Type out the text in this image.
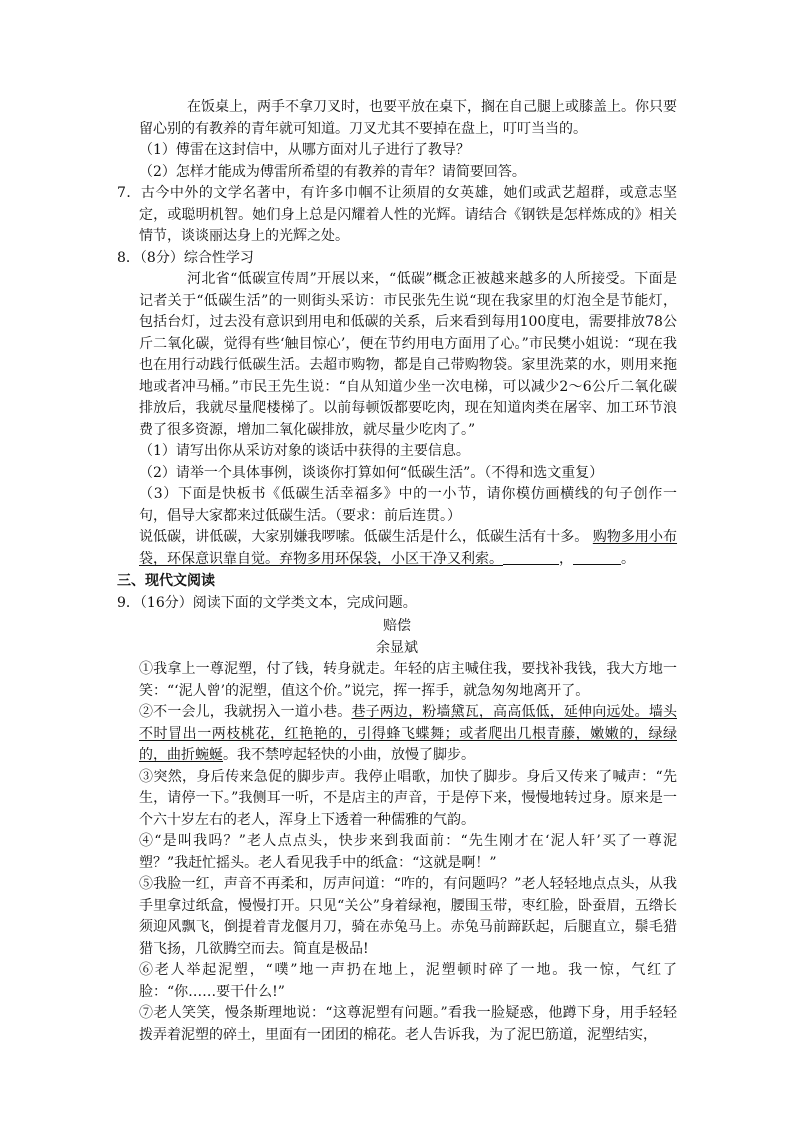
在饭桌上，两手不拿刀叉时，也要平放在桌下，搁在自己腿上或膝盖上。你只要留心别的有教养的青年就可知道。刀叉尤其不要掉在盘上，叮叮当当的。

（1）傅雷在这封信中，从哪方面对儿子进行了教导？

（2）怎样才能成为傅雷所希望的有教养的青年？请简要回答。

7．古今中外的文学名著中，有许多巾帼不让须眉的女英雄，她们或武艺超群，或意志坚定，或聪明机智。她们身上总是闪耀着人性的光辉。请结合《钢铁是怎样炼成的》相关情节，谈谈丽达身上的光辉之处。

8．（8分）综合性学习

河北省“低碳宣传周”开展以来，“低碳”概念正被越来越多的人所接受。下面是记者关于“低碳生活”的一则街头采访：市民张先生说“现在我家里的灯泡全是节能灯，包括台灯，过去没有意识到用电和低碳的关系，后来看到每用100度电，需要排放78公斤二氧化碳，觉得有些‘触目惊心’，便在节约用电方面用了心。”市民樊小姐说：“现在我也在用行动践行低碳生活。去超市购物，都是自己带购物袋。家里洗菜的水，则用来拖地或者冲马桶。”市民王先生说：“自从知道少坐一次电梯，可以减少2～6公斤二氧化碳排放后，我就尽量爬楼梯了。以前每顿饭都要吃肉，现在知道肉类在屠宰、加工环节浪费了很多资源，增加二氧化碳排放，就尽量少吃肉了。”

（1）请写出你从采访对象的谈话中获得的主要信息。

（2）请举一个具体事例，谈谈你打算如何“低碳生活”。（不得和选文重复）

（3）下面是快板书《低碳生活幸福多》中的一小节，请你模仿画横线的句子创作一句，倡导大家都来过低碳生活。（要求：前后连贯。）

说低碳，讲低碳，大家别嫌我啰嗦。低碳生活是什么，低碳生活有十多。 购物多用小布袋，环保意识靠自觉。弃物多用环保袋，小区干净又利索。	，	。

三、现代文阅读

9．（16分）阅读下面的文学类文本，完成问题。

赔偿

余显斌

①我拿上一尊泥塑，付了钱，转身就走。年轻的店主喊住我，要找补我钱，我大方地一笑：“‘泥人曾’的泥塑，值这个价。”说完，挥一挥手，就急匆匆地离开了。

②不一会儿，我就拐入一道小巷。巷子两边，粉墙黛瓦，高高低低，延伸向远处。墙头不时冒出一两枝桃花，红艳艳的，引得蜂飞蝶舞；或者爬出几根青藤，嫩嫩的，绿绿的，曲折蜿蜒。我不禁哼起轻快的小曲，放慢了脚步。

③突然，身后传来急促的脚步声。我停止唱歌，加快了脚步。身后又传来了喊声：“先生，请停一下。”我侧耳一听，不是店主的声音，于是停下来，慢慢地转过身。原来是一个六十岁左右的老人，浑身上下透着一种儒雅的气韵。

④“是叫我吗？”老人点点头，快步来到我面前：“先生刚才在‘泥人轩’买了一尊泥塑？”我赶忙摇头。老人看见我手中的纸盒：“这就是啊！”

⑤我脸一红，声音不再柔和，厉声问道：“咋的，有问题吗？”老人轻轻地点点头，从我手里拿过纸盒，慢慢打开。只见“关公”身着绿袍，腰围玉带，枣红脸，卧蚕眉，五绺长须迎风飘飞，倒提着青龙偃月刀，骑在赤兔马上。赤兔马前蹄跃起，后腿直立，鬃毛猎猎飞扬，几欲腾空而去。简直是极品!

⑥老人举起泥塑，“噗”地一声扔在地上，泥塑顿时碎了一地。我一惊，气红了脸：“你……要干什么!”

⑦老人笑笑，慢条斯理地说：“这尊泥塑有问题。”看我一脸疑惑，他蹲下身，用手轻轻拨弄着泥塑的碎土，里面有一团团的棉花。老人告诉我，为了泥巴筋道，泥塑结实，
